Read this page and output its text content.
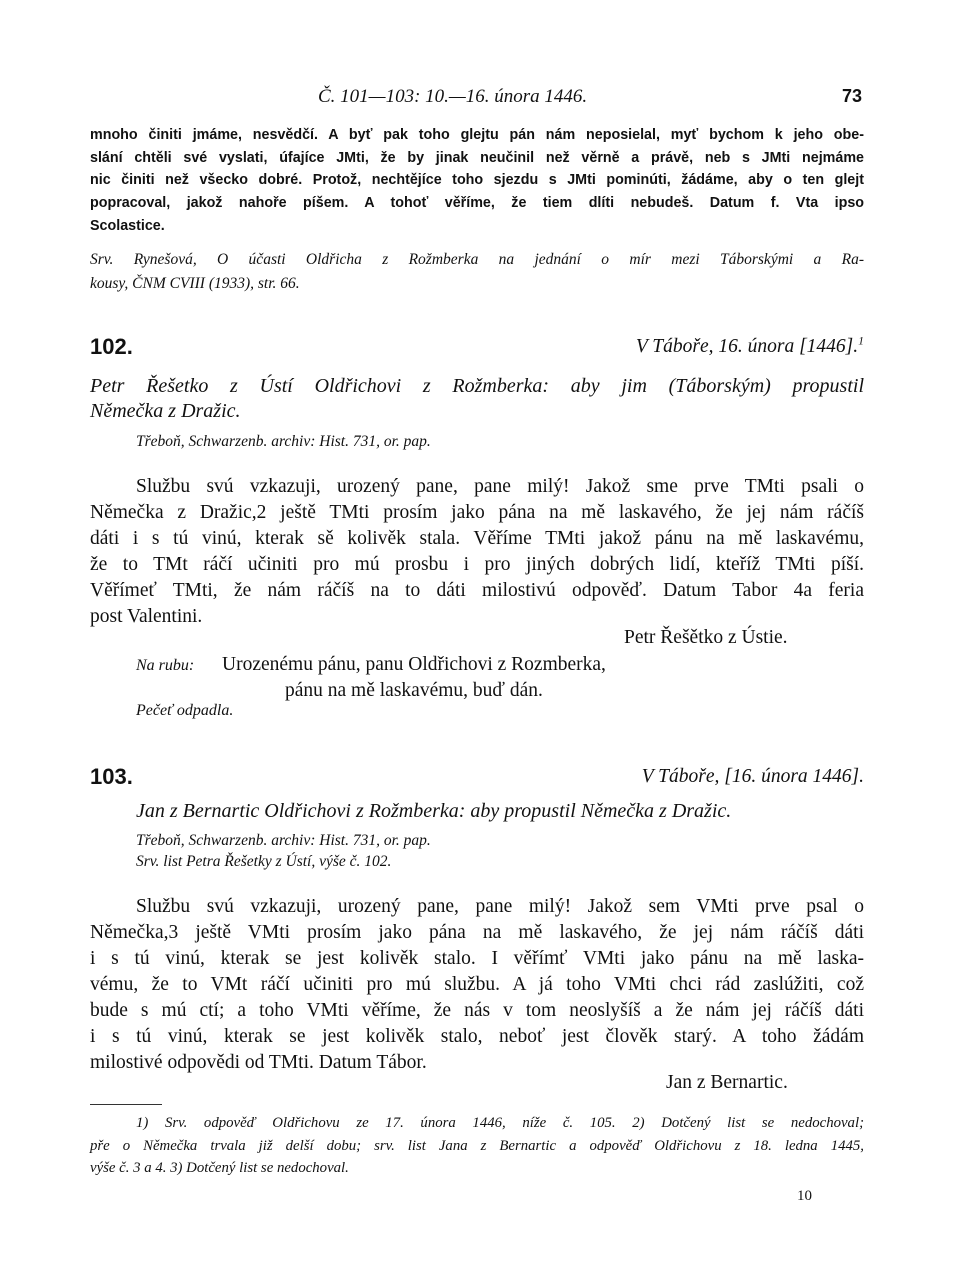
Č. 101—103: 10.—16. února 1446.	73
mnoho činiti jmáme, nesvědčí. A byť pak toho glejtu pán nám neposielal, myť bychom k jeho obe-
slání chtěli své vyslati, úfajíce JMti, že by jinak neučinil než věrně a právě, neb s JMti nejmáme
nic činiti než všecko dobré. Protož, nechtějíce toho sjezdu s JMti pominúti, žádáme, aby o ten glejt
popracoval, jakož nahoře píšem. A tohoť věříme, že tiem dlíti nebudeš. Datum f. Vta ipso
Scolastice.
Srv. Rynešová, O účasti Oldřicha z Rožmberka na jednání o mír mezi Táborskými a Ra-
kousy, ČNM CVIII (1933), str. 66.
102.	V Táboře, 16. února [1446].$^1$
Petr Řešetko z Ústí Oldřichovi z Rožmberka: aby jim (Táborským) propustil
Němečka z Dražic.
Třeboň, Schwarzenb. archiv: Hist. 731, or. pap.
Službu svú vzkazuji, urozený pane, pane milý! Jakož sme prve TMti psali o
Němečka z Dražic,2 ještě TMti prosím jako pána na mě laskavého, že jej nám ráčíš
dáti i s tú vinú, kterak sě kolivěk stala. Věříme TMti jakož pánu na mě laskavému,
že to TMt ráčí učiniti pro mú prosbu i pro jiných dobrých lidí, kteříž TMti píší.
Věřímeť TMti, že nám ráčíš na to dáti milostivú odpověď. Datum Tabor 4a feria
post Valentini.
Petr Řešětko z Ústie.
Na rubu: Urozenému pánu, panu Oldřichovi z Rozmberka,
pánu na mě laskavému, buď dán.
Pečeť odpadla.
103.	V Táboře, [16. února 1446].
Jan z Bernartic Oldřichovi z Rožmberka: aby propustil Němečka z Dražic.
Třeboň, Schwarzenb. archiv: Hist. 731, or. pap.
Srv. list Petra Řešetky z Ústí, výše č. 102.
Službu svú vzkazuji, urozený pane, pane milý! Jakož sem VMti prve psal o
Němečka,3 ještě VMti prosím jako pána na mě laskavého, že jej nám ráčíš dáti
i s tú vinú, kterak se jest kolivěk stalo. I věřímť VMti jako pánu na mě laska-
vému, že to VMt ráčí učiniti pro mú službu. A já toho VMti chci rád zaslúžiti, což
bude s mú ctí; a toho VMti věříme, že nás v tom neoslyšíš a že nám jej ráčíš dáti
i s tú vinú, kterak se jest kolivěk stalo, neboť jest člověk starý. A toho žádám
milostivé odpovědi od TMti. Datum Tábor.
Jan z Bernartic.
1) Srv. odpověď Oldřichovu ze 17. února 1446, níže č. 105. 2) Dotčený list se nedochoval;
pře o Němečka trvala již delší dobu; srv. list Jana z Bernartic a odpověď Oldřichovu z 18. ledna 1445,
výše č. 3 a 4. 3) Dotčený list se nedochoval.
10
